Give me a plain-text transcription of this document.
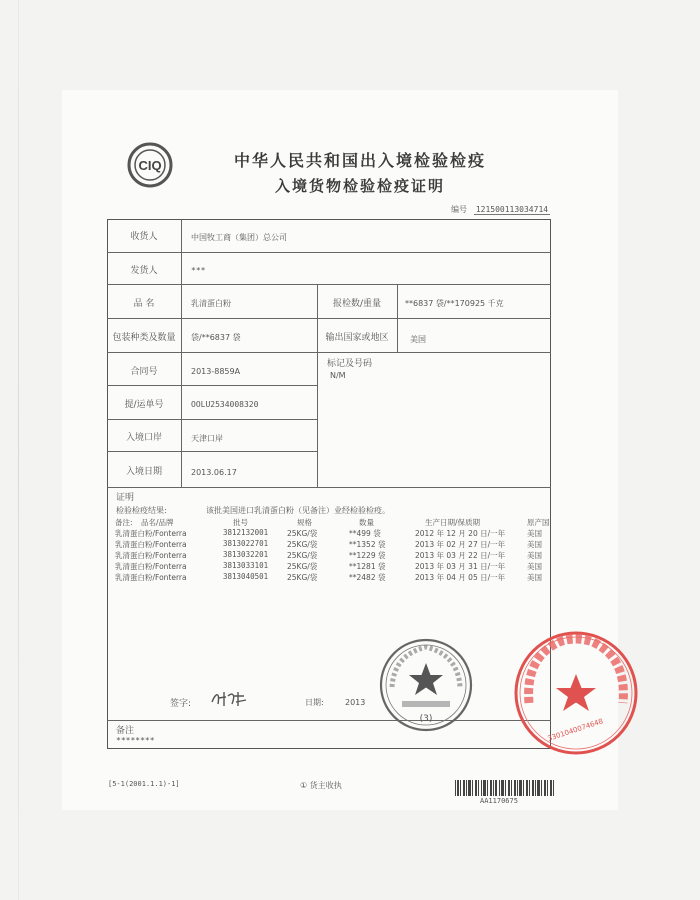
CIQ	中华人民共和国出入境检验检疫
入境货物检验检疫证明
编号 121500113034714
收货人	中国牧工商（集团）总公司
发货人	***
品 名	乳清蛋白粉	报检数/重量	**6837 袋/**170925 千克
包装种类及数量	袋/**6837 袋	输出国家或地区	美国
合同号	2013-8859A
标记及号码
N/M
提/运单号	OOLU2534008320
入境口岸	天津口岸
入境日期	2013.06.17
证明
检验检疫结果:	该批美国进口乳清蛋白粉（见备注）业经检验检疫。
备注: 品名/品牌	批号	规格	数量	生产日期/保质期	原产国
乳清蛋白粉/Fonterra	3812132001	25KG/袋	**499 袋	2012 年 12 月 20 日/一年	美国
乳清蛋白粉/Fonterra	3813022701	25KG/袋	**1352 袋	2013 年 02 月 27 日/一年	美国
乳清蛋白粉/Fonterra	3813032201	25KG/袋	**1229 袋	2013 年 03 月 22 日/一年	美国
乳清蛋白粉/Fonterra	3813033101	25KG/袋	**1281 袋	2013 年 03 月 31 日/一年	美国
乳清蛋白粉/Fonterra	3813040501	25KG/袋	**2482 袋	2013 年 04 月 05 日/一年	美国
签字:	日期:	2013
(3)	3301040074648
备注
********
[5-1(2001.1.1)-1]	① 货主收执
AA1170675
